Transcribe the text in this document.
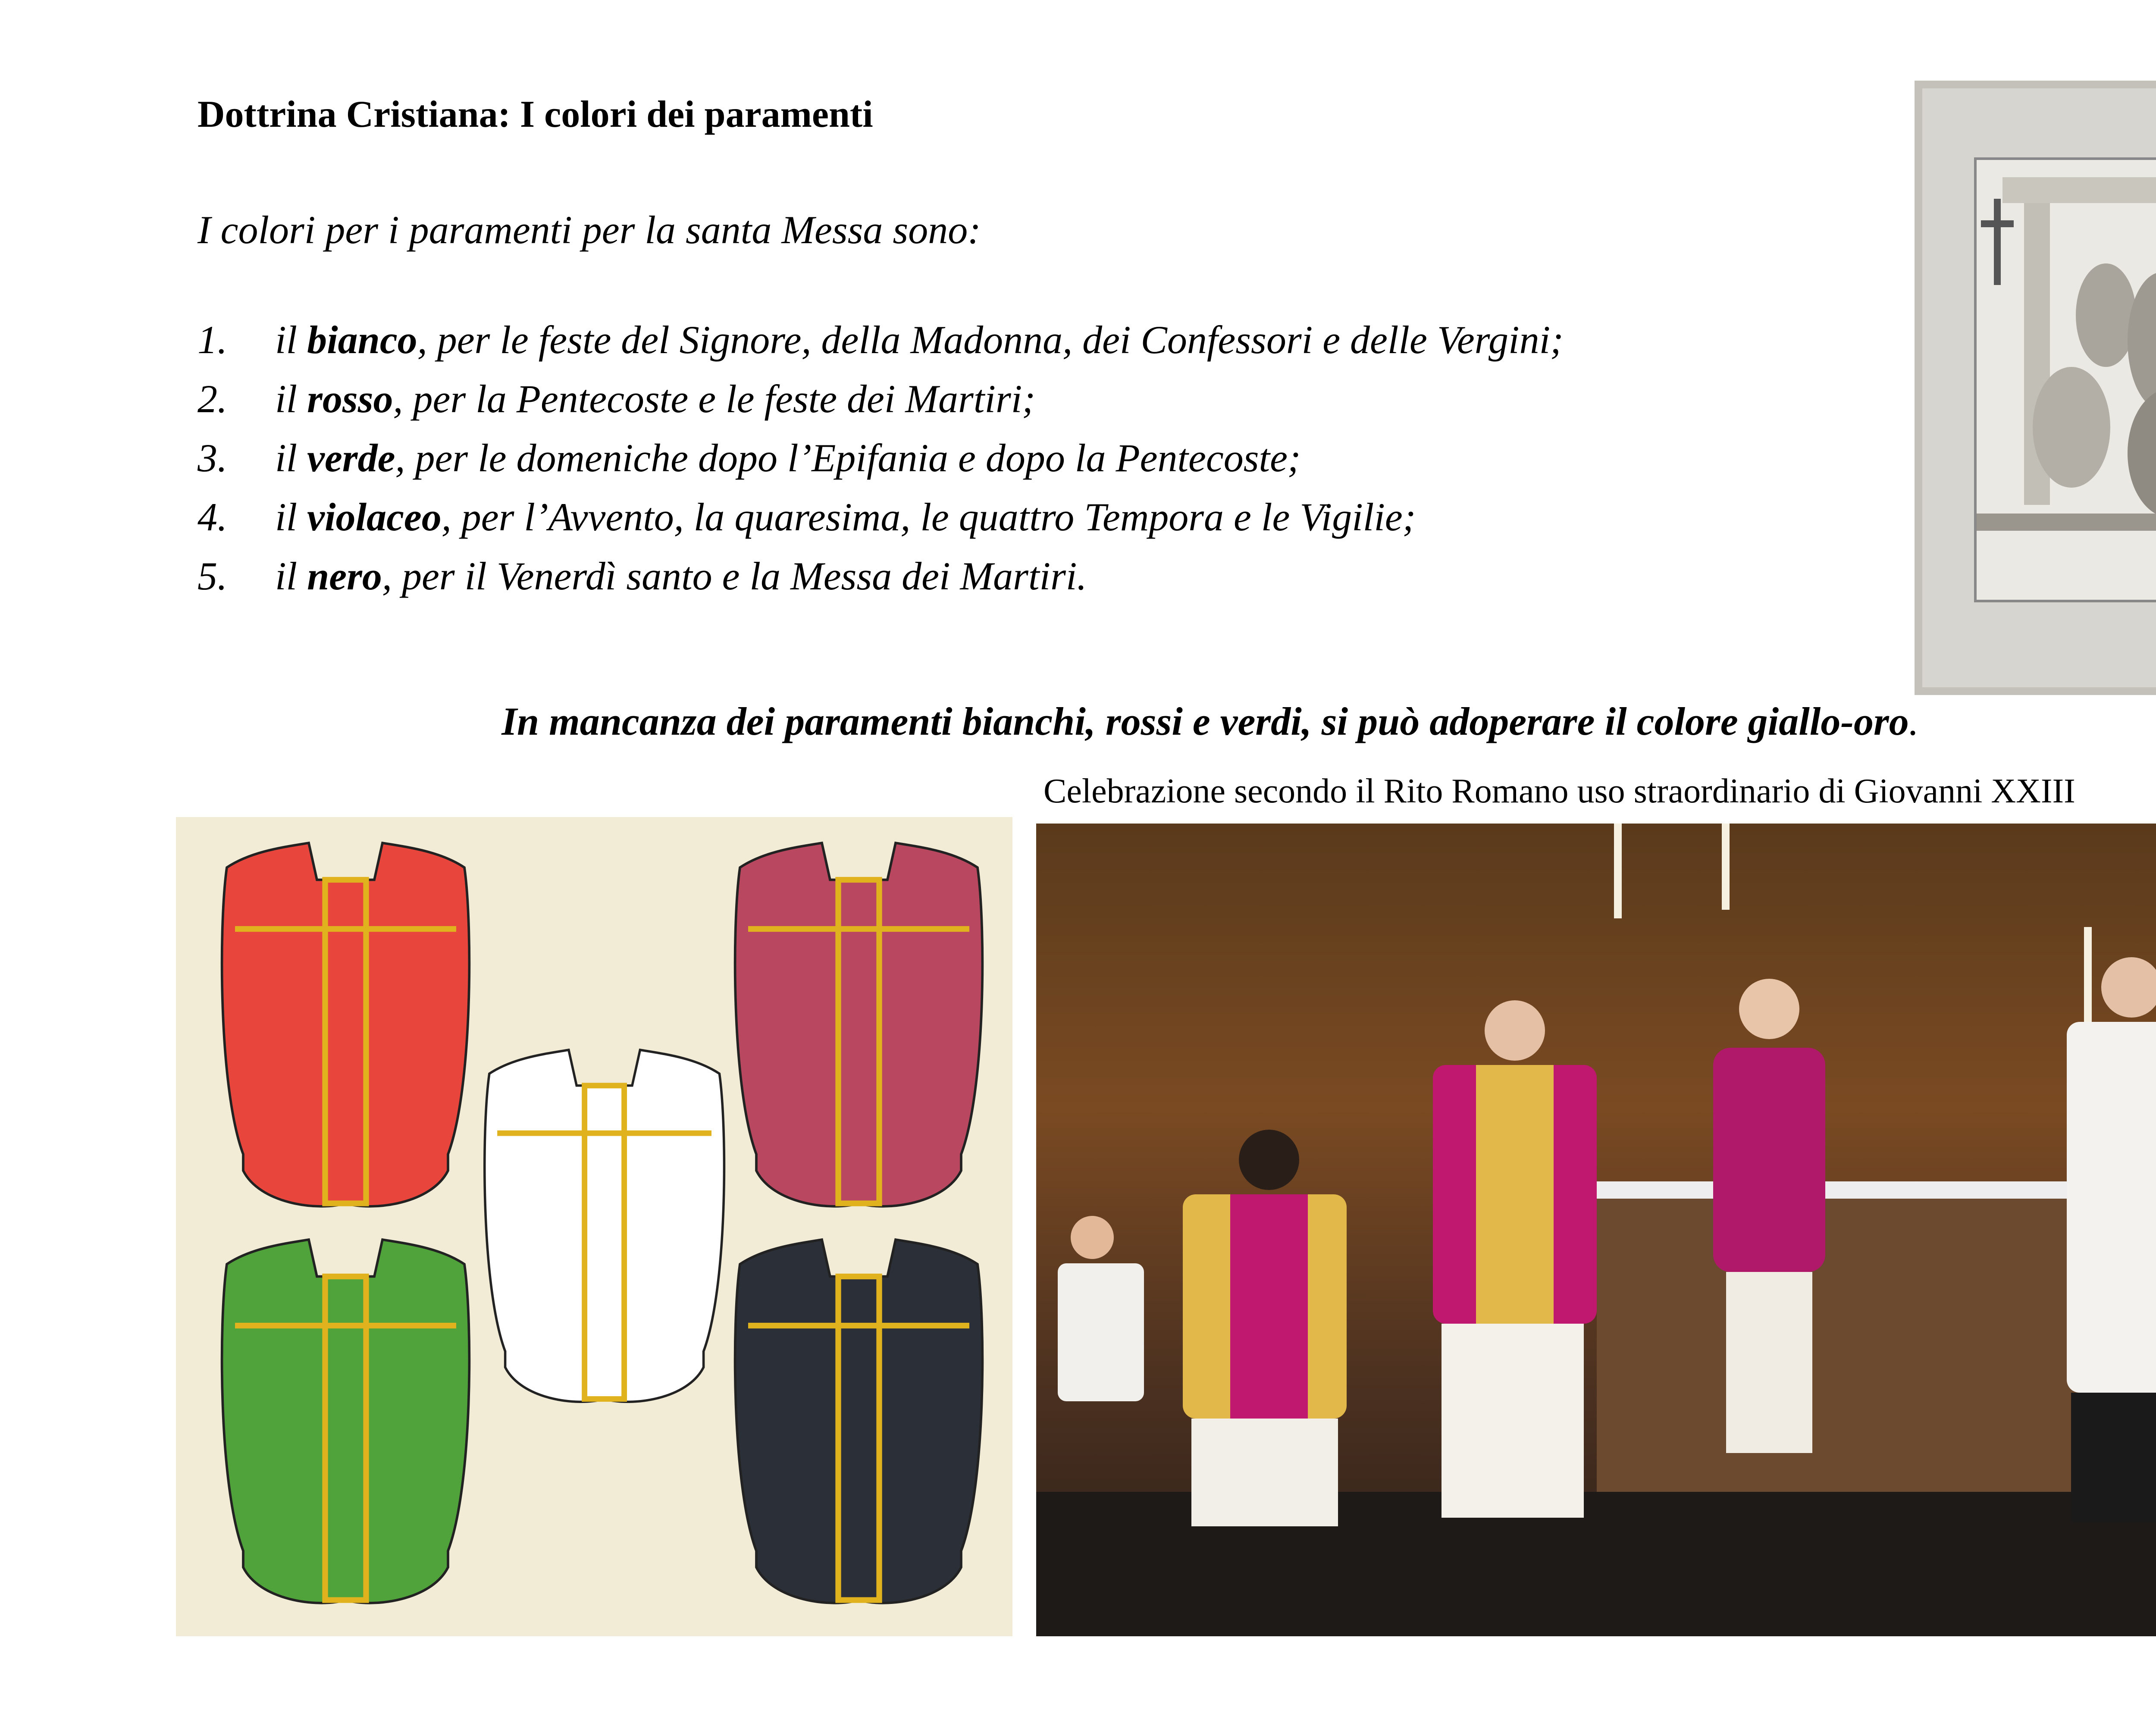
Dottrina Cristiana: I colori dei paramenti

I colori per i paramenti per la santa Messa sono:

1. il bianco, per le feste del Signore, della Madonna, dei Confessori e delle Vergini;
2. il rosso, per la Pentecoste e le feste dei Martiri;
3. il verde, per le domeniche dopo l’Epifania e dopo la Pentecoste;
4. il violaceo, per l’Avvento, la quaresima, le quattro Tempora e le Vigilie;
5. il nero, per il Venerdì santo e la Messa dei Martiri.

In mancanza dei paramenti bianchi, rossi e verdi, si può adoperare il colore giallo-oro.

Celebrazione secondo il Rito Romano uso straordinario di Giovanni XXIII
